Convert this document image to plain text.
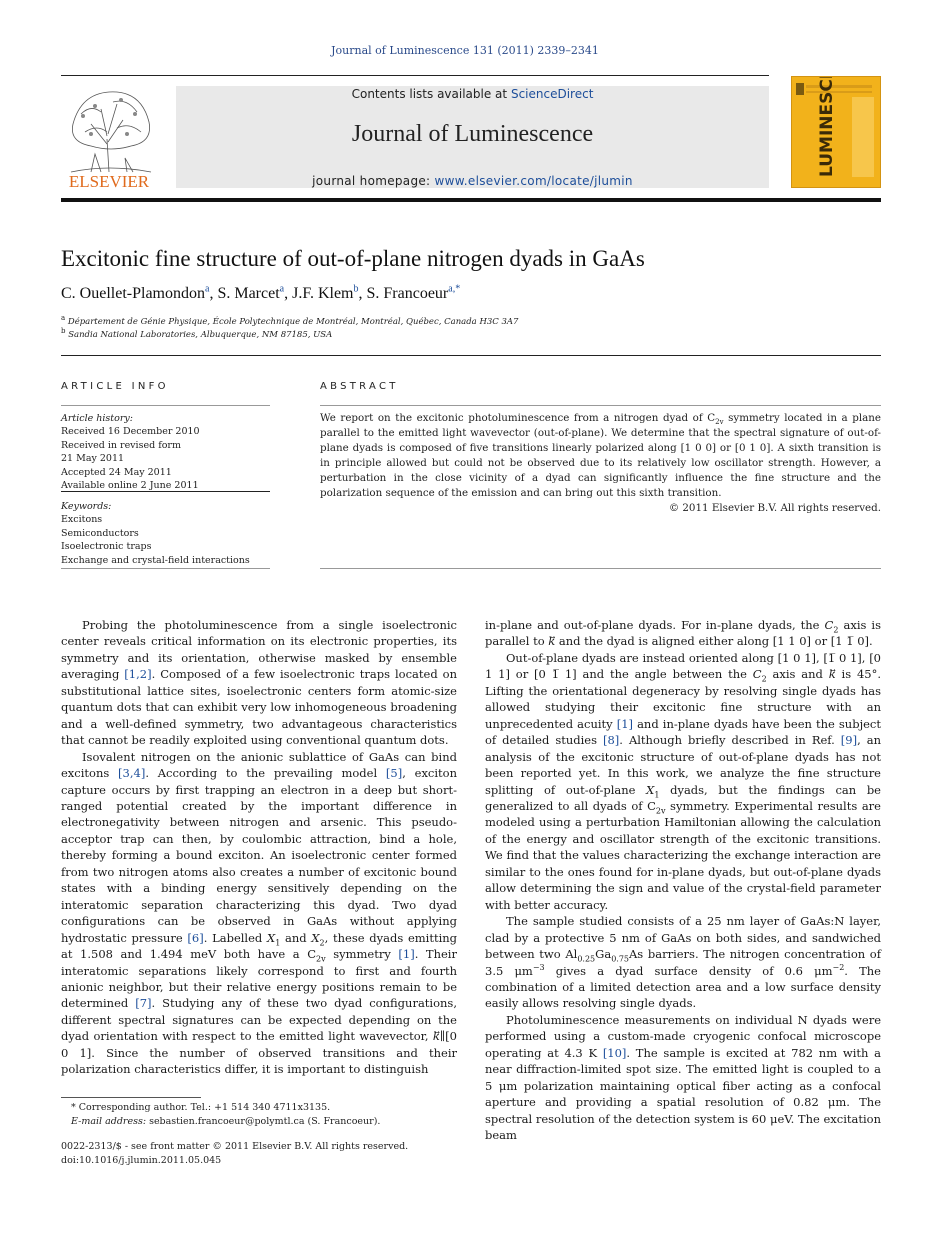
Journal of Luminescence 131 (2011) 2339–2341
ELSEVIER
Contents lists available at ScienceDirect
Journal of Luminescence
journal homepage: www.elsevier.com/locate/jlumin
LUMINESCENCE
Excitonic fine structure of out-of-plane nitrogen dyads in GaAs
C. Ouellet-Plamondon$^a$, S. Marcet$^a$, J.F. Klem$^b$, S. Francoeur$^{a,*}$
$^a$ Département de Génie Physique, École Polytechnique de Montréal, Montréal, Québec, Canada H3C 3A7
$^b$ Sandia National Laboratories, Albuquerque, NM 87185, USA
ARTICLE INFO
Article history:
Received 16 December 2010
Received in revised form
21 May 2011
Accepted 24 May 2011
Available online 2 June 2011
Keywords:
Excitons
Semiconductors
Isoelectronic traps
Exchange and crystal-field interactions
ABSTRACT
We report on the excitonic photoluminescence from a nitrogen dyad of $C_{2v}$ symmetry located in a plane parallel to the emitted light wavevector (out-of-plane). We determine that the spectral signature of out-of-plane dyads is composed of five transitions linearly polarized along [1 0 0] or [0 1 0]. A sixth transition is in principle allowed but could not be observed due to its relatively low oscillator strength. However, a perturbation in the close vicinity of a dyad can significantly influence the fine structure and the polarization sequence of the emission and can bring out this sixth transition.
© 2011 Elsevier B.V. All rights reserved.

Probing the photoluminescence from a single isoelectronic center reveals critical information on its electronic properties, its symmetry and its orientation, otherwise masked by ensemble averaging [1,2]. Composed of a few isoelectronic traps located on substitutional lattice sites, isoelectronic centers form atomic-size quantum dots that can exhibit very low inhomogeneous broadening and a well-defined symmetry, two advantageous characteristics that cannot be readily exploited using conventional quantum dots.

Isovalent nitrogen on the anionic sublattice of GaAs can bind excitons [3,4]. According to the prevailing model [5], exciton capture occurs by first trapping an electron in a deep but short-ranged potential created by the important difference in electronegativity between nitrogen and arsenic. This pseudo-acceptor trap can then, by coulombic attraction, bind a hole, thereby forming a bound exciton. An isoelectronic center formed from two nitrogen atoms also creates a number of excitonic bound states with a binding energy sensitively depending on the interatomic separation characterizing this dyad. Two dyad configurations can be observed in GaAs without applying hydrostatic pressure [6]. Labelled $X_1$ and $X_2$, these dyads emitting at 1.508 and 1.494 meV both have a $C_{2v}$ symmetry [1]. Their interatomic separations likely correspond to first and fourth anionic neighbor, but their relative energy positions remain to be determined [7]. Studying any of these two dyad configurations, different spectral signatures can be expected depending on the dyad orientation with respect to the emitted light wavevector, k⃗∥[0 0 1]. Since the number of observed transitions and their polarization characteristics differ, it is important to distinguish

in-plane and out-of-plane dyads. For in-plane dyads, the $C_2$ axis is parallel to k⃗ and the dyad is aligned either along [1 1 0] or [1 1̅ 0].

Out-of-plane dyads are instead oriented along [1 0 1], [1̅ 0 1], [0 1 1] or [0 1̅ 1] and the angle between the $C_2$ axis and k⃗ is 45°. Lifting the orientational degeneracy by resolving single dyads has allowed studying their excitonic fine structure with an unprecedented acuity [1] and in-plane dyads have been the subject of detailed studies [8]. Although briefly described in Ref. [9], an analysis of the excitonic structure of out-of-plane dyads has not been reported yet. In this work, we analyze the fine structure splitting of out-of-plane $X_1$ dyads, but the findings can be generalized to all dyads of $C_{2v}$ symmetry. Experimental results are modeled using a perturbation Hamiltonian allowing the calculation of the energy and oscillator strength of the excitonic transitions. We find that the values characterizing the exchange interaction are similar to the ones found for in-plane dyads, but out-of-plane dyads allow determining the sign and value of the crystal-field parameter with better accuracy.

The sample studied consists of a 25 nm layer of GaAs:N layer, clad by a protective 5 nm of GaAs on both sides, and sandwiched between two $Al_{0.25}Ga_{0.75}As$ barriers. The nitrogen concentration of 3.5 $\mu m^{-3}$ gives a dyad surface density of 0.6 $\mu m^{-2}$. The combination of a limited detection area and a low surface density easily allows resolving single dyads.

Photoluminescence measurements on individual N dyads were performed using a custom-made cryogenic confocal microscope operating at 4.3 K [10]. The sample is excited at 782 nm with a near diffraction-limited spot size. The emitted light is coupled to a 5 μm polarization maintaining optical fiber acting as a confocal aperture and providing a spatial resolution of 0.82 μm. The spectral resolution of the detection system is 60 μeV. The excitation beam

* Corresponding author. Tel.: +1 514 340 4711x3135.
E-mail address: sebastien.francoeur@polymtl.ca (S. Francoeur).
0022-2313/$ - see front matter © 2011 Elsevier B.V. All rights reserved.
doi:10.1016/j.jlumin.2011.05.045
